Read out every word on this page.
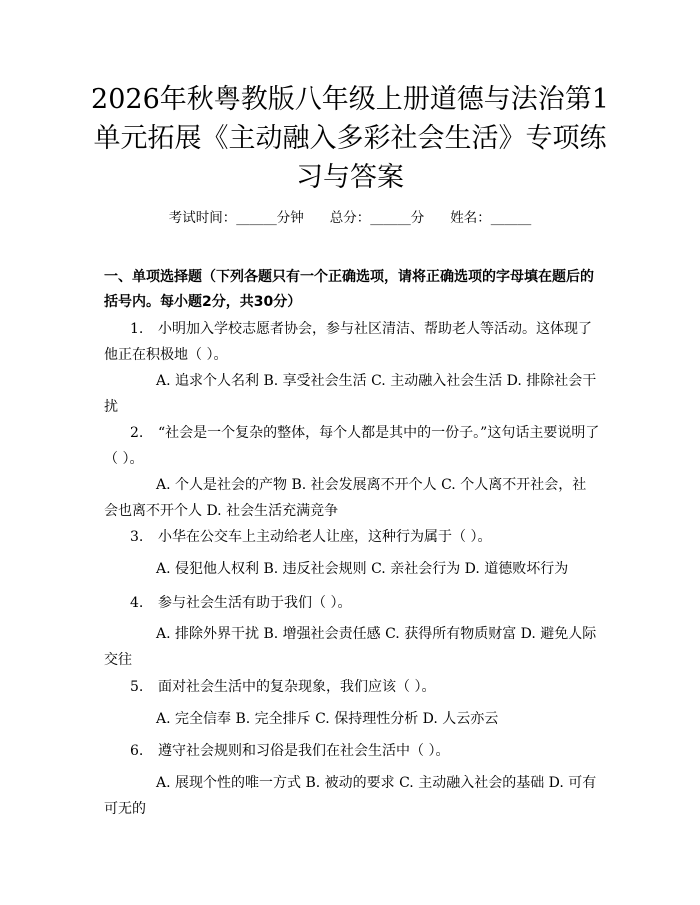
2026年秋粤教版八年级上册道德与法治第1单元拓展《主动融入多彩社会生活》专项练习与答案
考试时间：______分钟 总分：______分 姓名：______

一、单项选择题（下列各题只有一个正确选项，请将正确选项的字母填在题后的括号内。每小题2分，共30分）

1. 小明加入学校志愿者协会，参与社区清洁、帮助老人等活动。这体现了他正在积极地（ ）。

A. 追求个人名利 B. 享受社会生活 C. 主动融入社会生活 D. 排除社会干扰

2. “社会是一个复杂的整体，每个人都是其中的一份子。”这句话主要说明了（ ）。

A. 个人是社会的产物 B. 社会发展离不开个人 C. 个人离不开社会，社会也离不开个人 D. 社会生活充满竞争

3. 小华在公交车上主动给老人让座，这种行为属于（ ）。

A. 侵犯他人权利 B. 违反社会规则 C. 亲社会行为 D. 道德败坏行为

4. 参与社会生活有助于我们（ ）。

A. 排除外界干扰 B. 增强社会责任感 C. 获得所有物质财富 D. 避免人际交往

5. 面对社会生活中的复杂现象，我们应该（ ）。

A. 完全信奉 B. 完全排斥 C. 保持理性分析 D. 人云亦云

6. 遵守社会规则和习俗是我们在社会生活中（ ）。

A. 展现个性的唯一方式 B. 被动的要求 C. 主动融入社会的基础 D. 可有可无的
